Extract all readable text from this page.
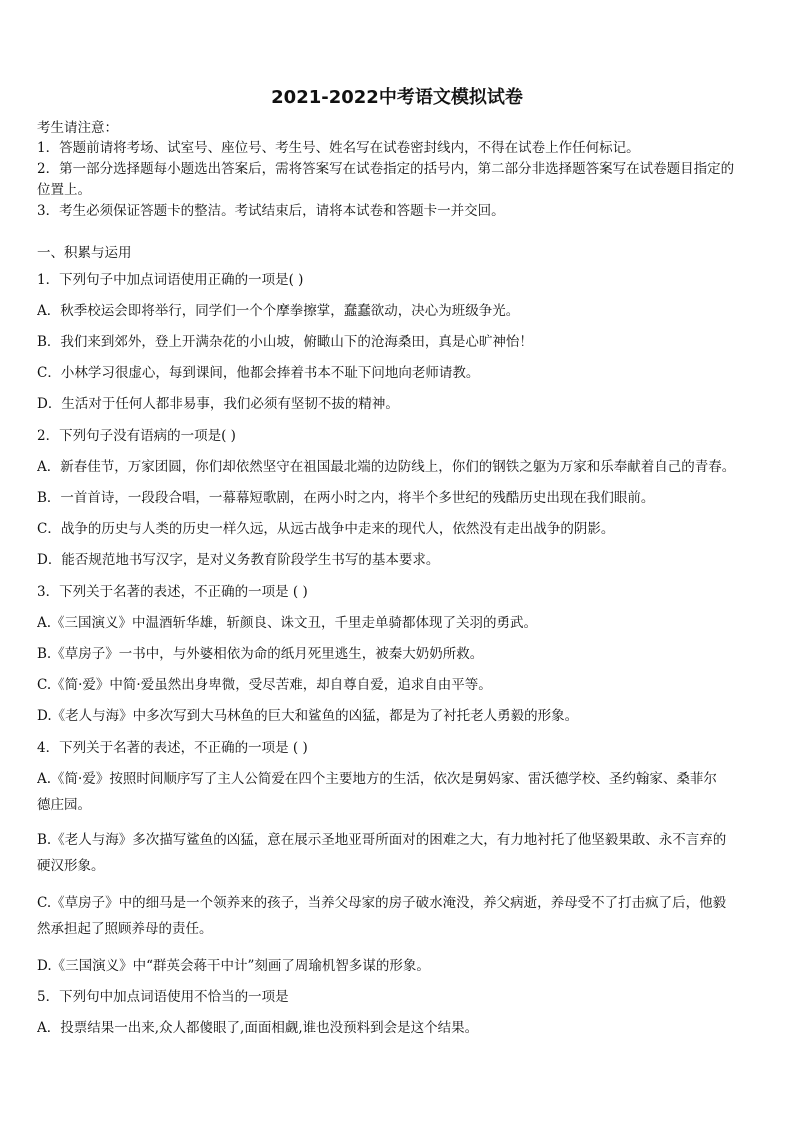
2021-2022中考语文模拟试卷
考生请注意：
1．答题前请将考场、试室号、座位号、考生号、姓名写在试卷密封线内，不得在试卷上作任何标记。
2．第一部分选择题每小题选出答案后，需将答案写在试卷指定的括号内，第二部分非选择题答案写在试卷题目指定的
位置上。
3．考生必须保证答题卡的整洁。考试结束后，请将本试卷和答题卡一并交回。
一、积累与运用
1．下列句子中加点词语使用正确的一项是( )
A．秋季校运会即将举行，同学们一个个摩拳擦掌，蠢蠢欲动，决心为班级争光。
B．我们来到郊外，登上开满杂花的小山坡，俯瞰山下的沧海桑田，真是心旷神怡！
C．小林学习很虚心，每到课间，他都会捧着书本不耻下问地向老师请教。
D．生活对于任何人都非易事，我们必须有坚韧不拔的精神。
2．下列句子没有语病的一项是( )
A．新春佳节，万家团圆，你们却依然坚守在祖国最北端的边防线上，你们的钢铁之躯为万家和乐奉献着自己的青春。
B．一首首诗，一段段合唱，一幕幕短歌剧，在两小时之内，将半个多世纪的残酷历史出现在我们眼前。
C．战争的历史与人类的历史一样久远，从远古战争中走来的现代人，依然没有走出战争的阴影。
D．能否规范地书写汉字，是对义务教育阶段学生书写的基本要求。
3．下列关于名著的表述，不正确的一项是 ( )
A.《三国演义》中温酒斩华雄，斩颜良、诛文丑，千里走单骑都体现了关羽的勇武。
B.《草房子》一书中，与外婆相依为命的纸月死里逃生，被秦大奶奶所救。
C.《简·爱》中简·爱虽然出身卑微，受尽苦难，却自尊自爱，追求自由平等。
D.《老人与海》中多次写到大马林鱼的巨大和鲨鱼的凶猛，都是为了衬托老人勇毅的形象。
4．下列关于名著的表述，不正确的一项是 ( )
A.《简·爱》按照时间顺序写了主人公简爱在四个主要地方的生活，依次是舅妈家、雷沃德学校、圣约翰家、桑菲尔
德庄园。
B.《老人与海》多次描写鲨鱼的凶猛，意在展示圣地亚哥所面对的困难之大，有力地衬托了他坚毅果敢、永不言弃的
硬汉形象。
C.《草房子》中的细马是一个领养来的孩子，当养父母家的房子破水淹没，养父病逝，养母受不了打击疯了后，他毅
然承担起了照顾养母的责任。
D.《三国演义》中“群英会蒋干中计”刻画了周瑜机智多谋的形象。
5．下列句中加点词语使用不恰当的一项是
A．投票结果一出来,众人都傻眼了,面面相觑,谁也没预料到会是这个结果。
